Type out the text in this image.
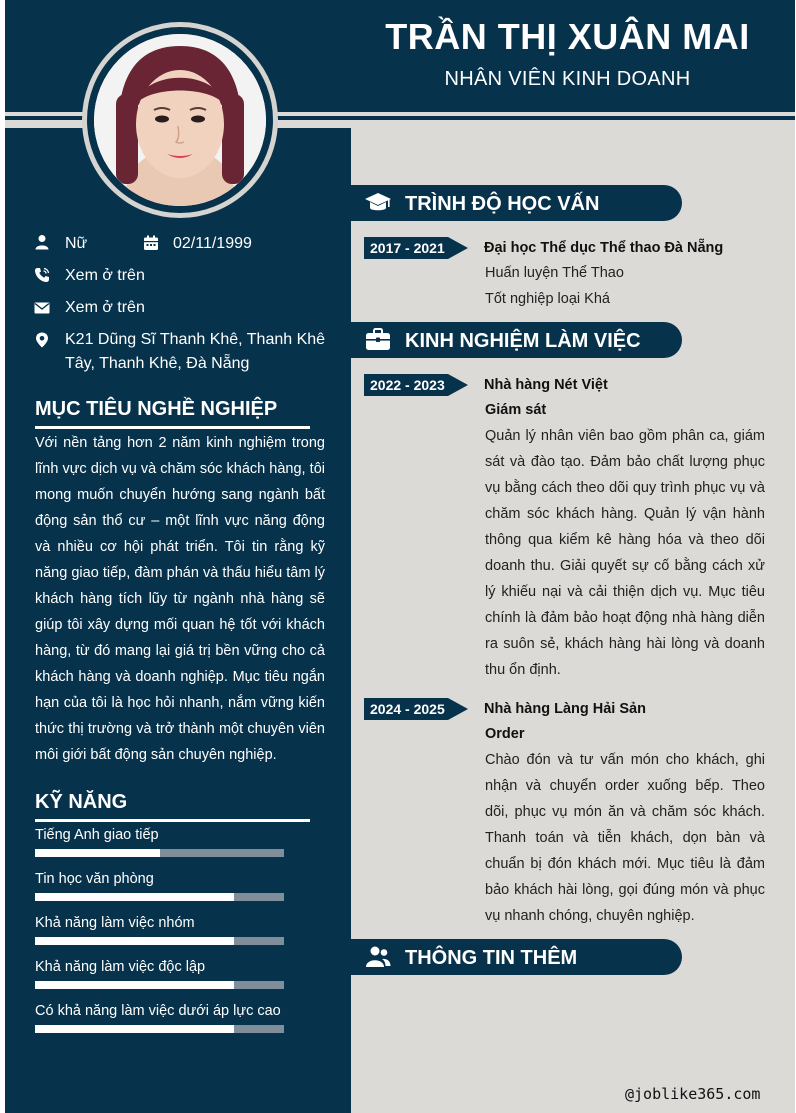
TRẦN THỊ XUÂN MAI
NHÂN VIÊN KINH DOANH
Nữ	02/11/1999
Xem ở trên
Xem ở trên
K21 Dũng Sĩ Thanh Khê, Thanh Khê
Tây, Thanh Khê, Đà Nẵng
MỤC TIÊU NGHỀ NGHIỆP
Với nền tảng hơn 2 năm kinh nghiệm trong lĩnh vực dịch vụ và chăm sóc khách hàng, tôi mong muốn chuyển hướng sang ngành bất động sản thổ cư – một lĩnh vực năng động và nhiều cơ hội phát triển. Tôi tin rằng kỹ năng giao tiếp, đàm phán và thấu hiểu tâm lý khách hàng tích lũy từ ngành nhà hàng sẽ giúp tôi xây dựng mối quan hệ tốt với khách hàng, từ đó mang lại giá trị bền vững cho cả khách hàng và doanh nghiệp. Mục tiêu ngắn hạn của tôi là học hỏi nhanh, nắm vững kiến thức thị trường và trở thành một chuyên viên môi giới bất động sản chuyên nghiệp.
KỸ NĂNG
TRÌNH ĐỘ HỌC VẤN
2017 - 2021	Đại học Thể dục Thể thao Đà Nẵng
Huấn luyện Thể Thao
Tốt nghiệp loại Khá
KINH NGHIỆM LÀM VIỆC
2022 - 2023	Nhà hàng Nét Việt
Giám sát
Quản lý nhân viên bao gồm phân ca, giám sát và đào tạo. Đảm bảo chất lượng phục vụ bằng cách theo dõi quy trình phục vụ và chăm sóc khách hàng. Quản lý vận hành thông qua kiểm kê hàng hóa và theo dõi doanh thu. Giải quyết sự cố bằng cách xử lý khiếu nại và cải thiện dịch vụ. Mục tiêu chính là đảm bảo hoạt động nhà hàng diễn ra suôn sẻ, khách hàng hài lòng và doanh thu ổn định.
2024 - 2025	Nhà hàng Làng Hải Sản
Order
Chào đón và tư vấn món cho khách, ghi nhận và chuyển order xuống bếp. Theo dõi, phục vụ món ăn và chăm sóc khách. Thanh toán và tiễn khách, dọn bàn và chuẩn bị đón khách mới. Mục tiêu là đảm bảo khách hài lòng, gọi đúng món và phục vụ nhanh chóng, chuyên nghiệp.
THÔNG TIN THÊM
@joblike365.com
Tiếng Anh giao tiếp
Tin học văn phòng
Khả năng làm việc nhóm
Khả năng làm việc độc lập
Có khả năng làm việc dưới áp lực cao
